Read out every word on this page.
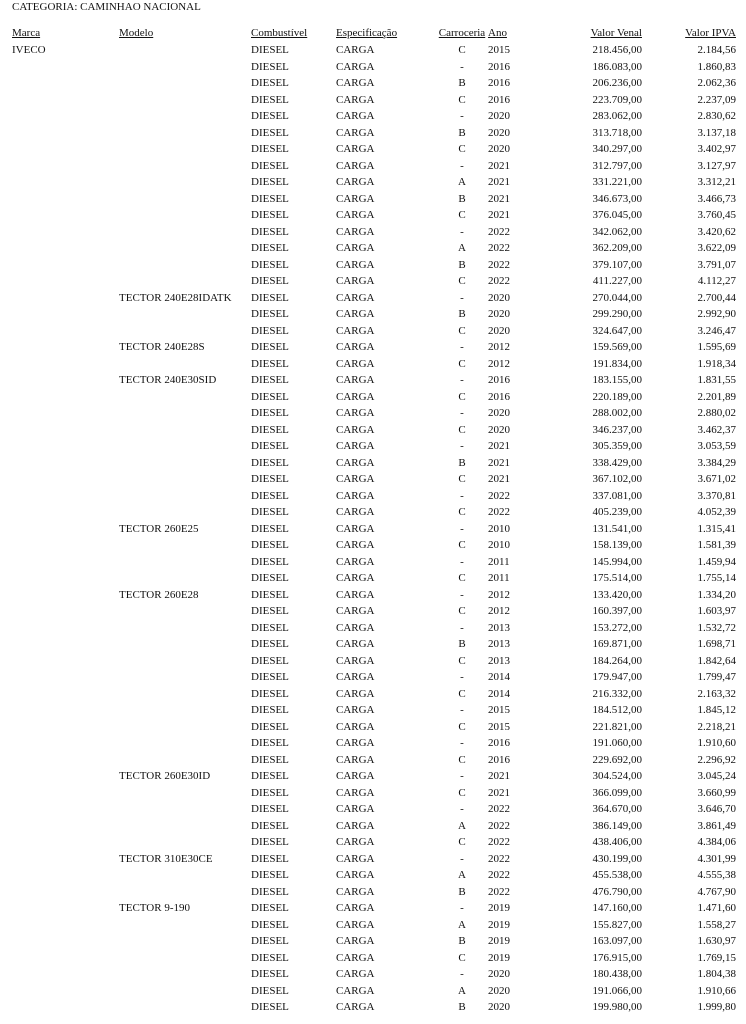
CATEGORIA: CAMINHAO NACIONAL
Marca	Modelo	Combustível	Especificação	Carroceria	Ano	Valor Venal	Valor IPVA
IVECO		DIESEL	CARGA	C	2015	218.456,00	2.184,56
		DIESEL	CARGA	-	2016	186.083,00	1.860,83
		DIESEL	CARGA	B	2016	206.236,00	2.062,36
		DIESEL	CARGA	C	2016	223.709,00	2.237,09
		DIESEL	CARGA	-	2020	283.062,00	2.830,62
		DIESEL	CARGA	B	2020	313.718,00	3.137,18
		DIESEL	CARGA	C	2020	340.297,00	3.402,97
		DIESEL	CARGA	-	2021	312.797,00	3.127,97
		DIESEL	CARGA	A	2021	331.221,00	3.312,21
		DIESEL	CARGA	B	2021	346.673,00	3.466,73
		DIESEL	CARGA	C	2021	376.045,00	3.760,45
		DIESEL	CARGA	-	2022	342.062,00	3.420,62
		DIESEL	CARGA	A	2022	362.209,00	3.622,09
		DIESEL	CARGA	B	2022	379.107,00	3.791,07
		DIESEL	CARGA	C	2022	411.227,00	4.112,27
	TECTOR 240E28IDATK	DIESEL	CARGA	-	2020	270.044,00	2.700,44
		DIESEL	CARGA	B	2020	299.290,00	2.992,90
		DIESEL	CARGA	C	2020	324.647,00	3.246,47
	TECTOR 240E28S	DIESEL	CARGA	-	2012	159.569,00	1.595,69
		DIESEL	CARGA	C	2012	191.834,00	1.918,34
	TECTOR 240E30SID	DIESEL	CARGA	-	2016	183.155,00	1.831,55
		DIESEL	CARGA	C	2016	220.189,00	2.201,89
		DIESEL	CARGA	-	2020	288.002,00	2.880,02
		DIESEL	CARGA	C	2020	346.237,00	3.462,37
		DIESEL	CARGA	-	2021	305.359,00	3.053,59
		DIESEL	CARGA	B	2021	338.429,00	3.384,29
		DIESEL	CARGA	C	2021	367.102,00	3.671,02
		DIESEL	CARGA	-	2022	337.081,00	3.370,81
		DIESEL	CARGA	C	2022	405.239,00	4.052,39
	TECTOR 260E25	DIESEL	CARGA	-	2010	131.541,00	1.315,41
		DIESEL	CARGA	C	2010	158.139,00	1.581,39
		DIESEL	CARGA	-	2011	145.994,00	1.459,94
		DIESEL	CARGA	C	2011	175.514,00	1.755,14
	TECTOR 260E28	DIESEL	CARGA	-	2012	133.420,00	1.334,20
		DIESEL	CARGA	C	2012	160.397,00	1.603,97
		DIESEL	CARGA	-	2013	153.272,00	1.532,72
		DIESEL	CARGA	B	2013	169.871,00	1.698,71
		DIESEL	CARGA	C	2013	184.264,00	1.842,64
		DIESEL	CARGA	-	2014	179.947,00	1.799,47
		DIESEL	CARGA	C	2014	216.332,00	2.163,32
		DIESEL	CARGA	-	2015	184.512,00	1.845,12
		DIESEL	CARGA	C	2015	221.821,00	2.218,21
		DIESEL	CARGA	-	2016	191.060,00	1.910,60
		DIESEL	CARGA	C	2016	229.692,00	2.296,92
	TECTOR 260E30ID	DIESEL	CARGA	-	2021	304.524,00	3.045,24
		DIESEL	CARGA	C	2021	366.099,00	3.660,99
		DIESEL	CARGA	-	2022	364.670,00	3.646,70
		DIESEL	CARGA	A	2022	386.149,00	3.861,49
		DIESEL	CARGA	C	2022	438.406,00	4.384,06
	TECTOR 310E30CE	DIESEL	CARGA	-	2022	430.199,00	4.301,99
		DIESEL	CARGA	A	2022	455.538,00	4.555,38
		DIESEL	CARGA	B	2022	476.790,00	4.767,90
	TECTOR 9-190	DIESEL	CARGA	-	2019	147.160,00	1.471,60
		DIESEL	CARGA	A	2019	155.827,00	1.558,27
		DIESEL	CARGA	B	2019	163.097,00	1.630,97
		DIESEL	CARGA	C	2019	176.915,00	1.769,15
		DIESEL	CARGA	-	2020	180.438,00	1.804,38
		DIESEL	CARGA	A	2020	191.066,00	1.910,66
		DIESEL	CARGA	B	2020	199.980,00	1.999,80
